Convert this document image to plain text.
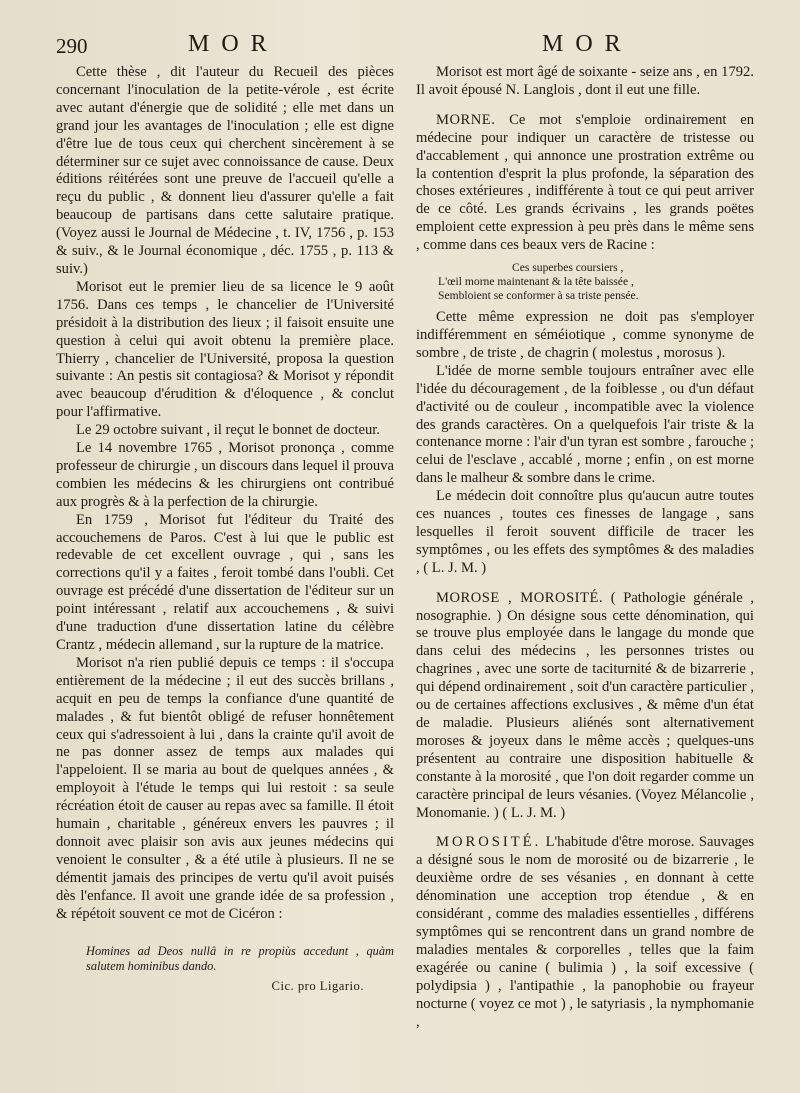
290	MOR	MOR

Cette thèse , dit l'auteur du Recueil des pièces concernant l'inoculation de la petite-vérole , est écrite avec autant d'énergie que de solidité ; elle met dans un grand jour les avantages de l'inoculation ; elle est digne d'être lue de tous ceux qui cherchent sincèrement à se déterminer sur ce sujet avec connoissance de cause. Deux éditions réitérées sont une preuve de l'accueil qu'elle a reçu du public , & donnent lieu d'assurer qu'elle a fait beaucoup de partisans dans cette salutaire pratique. (Voyez aussi le Journal de Médecine , t. IV, 1756 , p. 153 & suiv., & le Journal économique , déc. 1755 , p. 113 & suiv.)

Morisot eut le premier lieu de sa licence le 9 août 1756. Dans ces temps , le chancelier de l'Université présidoit à la distribution des lieux ; il faisoit ensuite une question à celui qui avoit obtenu la première place. Thierry , chancelier de l'Université, proposa la question suivante : An pestis sit contagiosa? & Morisot y répondit avec beaucoup d'érudition & d'éloquence , & conclut pour l'affirmative.

Le 29 octobre suivant , il reçut le bonnet de docteur.

Le 14 novembre 1765 , Morisot prononça , comme professeur de chirurgie , un discours dans lequel il prouva combien les médecins & les chirurgiens ont contribué aux progrès & à la perfection de la chirurgie.

En 1759 , Morisot fut l'éditeur du Traité des accouchemens de Paros. C'est à lui que le public est redevable de cet excellent ouvrage , qui , sans les corrections qu'il y a faites , feroit tombé dans l'oubli. Cet ouvrage est précédé d'une dissertation de l'éditeur sur un point intéressant , relatif aux accouchemens , & suivi d'une traduction d'une dissertation latine du célèbre Crantz , médecin allemand , sur la rupture de la matrice.

Morisot n'a rien publié depuis ce temps : il s'occupa entièrement de la médecine ; il eut des succès brillans , acquit en peu de temps la confiance d'une quantité de malades , & fut bientôt obligé de refuser honnêtement ceux qui s'adressoient à lui , dans la crainte qu'il avoit de ne pas donner assez de temps aux malades qui l'appeloient. Il se maria au bout de quelques années , & employoit à l'étude le temps qui lui restoit : sa seule récréation étoit de causer au repas avec sa famille. Il étoit humain , charitable , généreux envers les pauvres ; il donnoit avec plaisir son avis aux jeunes médecins qui venoient le consulter , & a été utile à plusieurs. Il ne se démentit jamais des principes de vertu qu'il avoit puisés dès l'enfance. Il avoit une grande idée de sa profession , & répétoit souvent ce mot de Cicéron :

Homines ad Deos nullâ in re propiùs accedunt , quàm salutem hominibus dando.
Cic. pro Ligario.

Morisot est mort âgé de soixante - seize ans , en 1792. Il avoit épousé N. Langlois , dont il eut une fille.

MORNE. Ce mot s'emploie ordinairement en médecine pour indiquer un caractère de tristesse ou d'accablement , qui annonce une prostration extrême ou la contention d'esprit la plus profonde, la séparation des choses extérieures , indifférente à tout ce qui peut arriver de ce côté. Les grands écrivains , les grands poëtes emploient cette expression à peu près dans le même sens , comme dans ces beaux vers de Racine :

Ces superbes coursiers ,
L'œil morne maintenant & la tête baissée ,
Sembloient se conformer à sa triste pensée.

Cette même expression ne doit pas s'employer indifféremment en séméiotique , comme synonyme de sombre , de triste , de chagrin ( molestus , morosus ).

L'idée de morne semble toujours entraîner avec elle l'idée du découragement , de la foiblesse , ou d'un défaut d'activité ou de couleur , incompatible avec la violence des grands caractères. On a quelquefois l'air triste & la contenance morne : l'air d'un tyran est sombre , farouche ; celui de l'esclave , accablé , morne ; enfin , on est morne dans le malheur & sombre dans le crime.

Le médecin doit connoître plus qu'aucun autre toutes ces nuances , toutes ces finesses de langage , sans lesquelles il feroit souvent difficile de tracer les symptômes , ou les effets des symptômes & des maladies , ( L. J. M. )

MOROSE , MOROSITÉ. ( Pathologie générale , nosographie. ) On désigne sous cette dénomination, qui se trouve plus employée dans le langage du monde que dans celui des médecins , les personnes tristes ou chagrines , avec une sorte de taciturnité & de bizarrerie , qui dépend ordinairement , soit d'un caractère particulier , ou de certaines affections exclusives , & même d'un état de maladie. Plusieurs aliénés sont alternativement moroses & joyeux dans le même accès ; quelques-uns présentent au contraire une disposition habituelle & constante à la morosité , que l'on doit regarder comme un caractère principal de leurs vésanies. (Voyez Mélancolie , Monomanie. ) ( L. J. M. )

MOROSITÉ. L'habitude d'être morose. Sauvages a désigné sous le nom de morosité ou de bizarrerie , le deuxième ordre de ses vésanies , en donnant à cette dénomination une acception trop étendue , & en considérant , comme des maladies essentielles , différens symptômes qui se rencontrent dans un grand nombre de maladies mentales & corporelles , telles que la faim exagérée ou canine ( bulimia ) , la soif excessive ( polydipsia ) , l'antipathie , la panophobie ou frayeur nocturne ( voyez ce mot ) , le satyriasis , la nymphomanie ,
